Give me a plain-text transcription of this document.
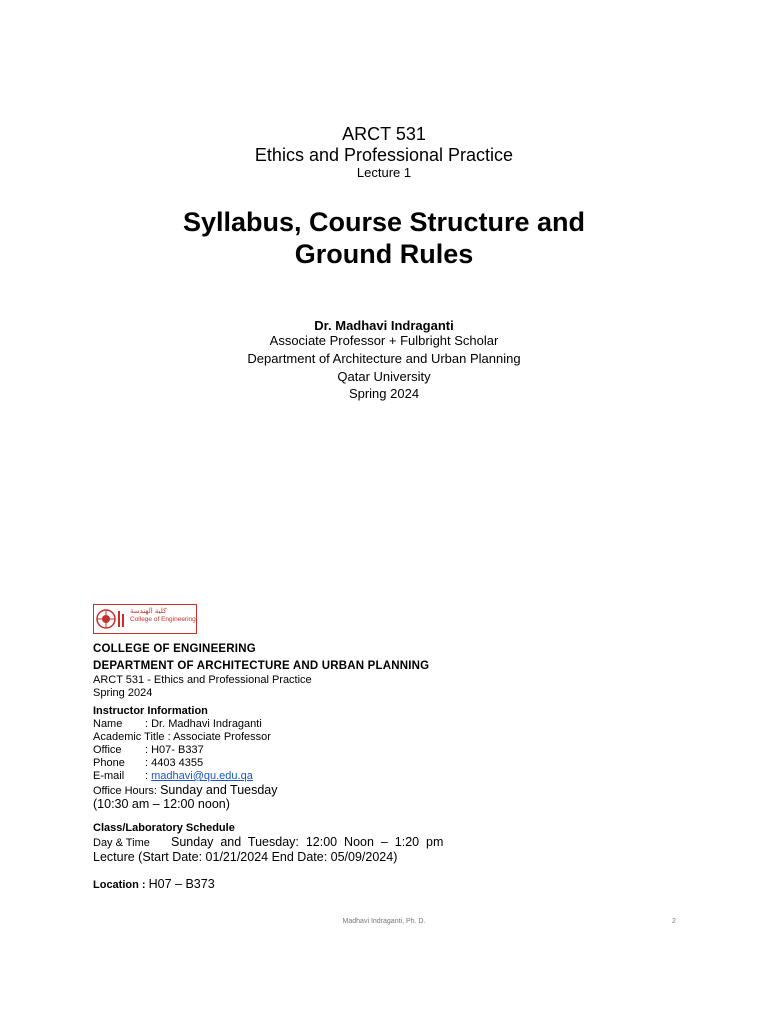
ARCT 531
Ethics and Professional Practice
Lecture 1
Syllabus, Course Structure and
Ground Rules
Dr. Madhavi Indraganti
Associate Professor + Fulbright Scholar
Department of Architecture and Urban Planning
Qatar University
Spring 2024
كلية الهندسة
College of Engineering
COLLEGE OF ENGINEERING
DEPARTMENT OF ARCHITECTURE AND URBAN PLANNING
ARCT 531 - Ethics and Professional Practice
Spring 2024
Instructor Information
Name : Dr. Madhavi Indraganti
Academic Title : Associate Professor
Office : H07- B337
Phone : 4403 4355
E-mail : madhavi@qu.edu.qa
Office Hours: Sunday and Tuesday
(10:30 am – 12:00 noon)
Class/Laboratory Schedule
Day & Time Sunday  and  Tuesday:  12:00  Noon  –  1:20  pm
Lecture (Start Date: 01/21/2024 End Date: 05/09/2024)
Location : H07 – B373
Madhavi Indraganti, Ph. D.	2
